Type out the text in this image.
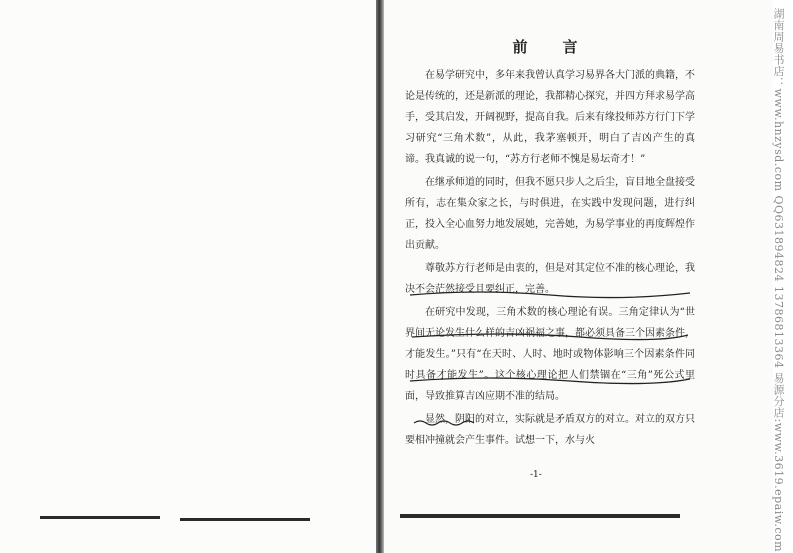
前　言

在易学研究中，多年来我曾认真学习易界各大门派的典籍，不论是传统的，还是新派的理论，我都精心探究，并四方拜求易学高手，受其启发，开阔视野，提高自我。后来有缘投师苏方行门下学习研究“三角术数”，从此，我茅塞顿开，明白了吉凶产生的真谛。我真诚的说一句，“苏方行老师不愧是易坛奇才！”

在继承师道的同时，但我不愿只步人之后尘，盲目地全盘接受所有，志在集众家之长，与时俱进，在实践中发现问题，进行纠正，投入全心血努力地发展她，完善她，为易学事业的再度辉煌作出贡献。

尊敬苏方行老师是由衷的，但是对其定位不准的核心理论，我决不会茫然接受且要纠正，完善。

在研究中发现，三角术数的核心理论有误。三角定律认为“世界间无论发生什么样的吉凶祸福之事，都必须具备三个因素条件，才能发生。”只有“在天时、人时、地时或物体影响三个因素条件同时具备才能发生”。这个核心理论把人们禁锢在“三角”死公式里面，导致推算吉凶应期不准的结局。

显然，阴阳的对立，实际就是矛盾双方的对立。对立的双方只要相冲撞就会产生事件。试想一下，水与火

-1-	湖南周易书店：www.hnzysd.com QQ631894824 13786813364 易源分店:www.3619.epaiw.com
